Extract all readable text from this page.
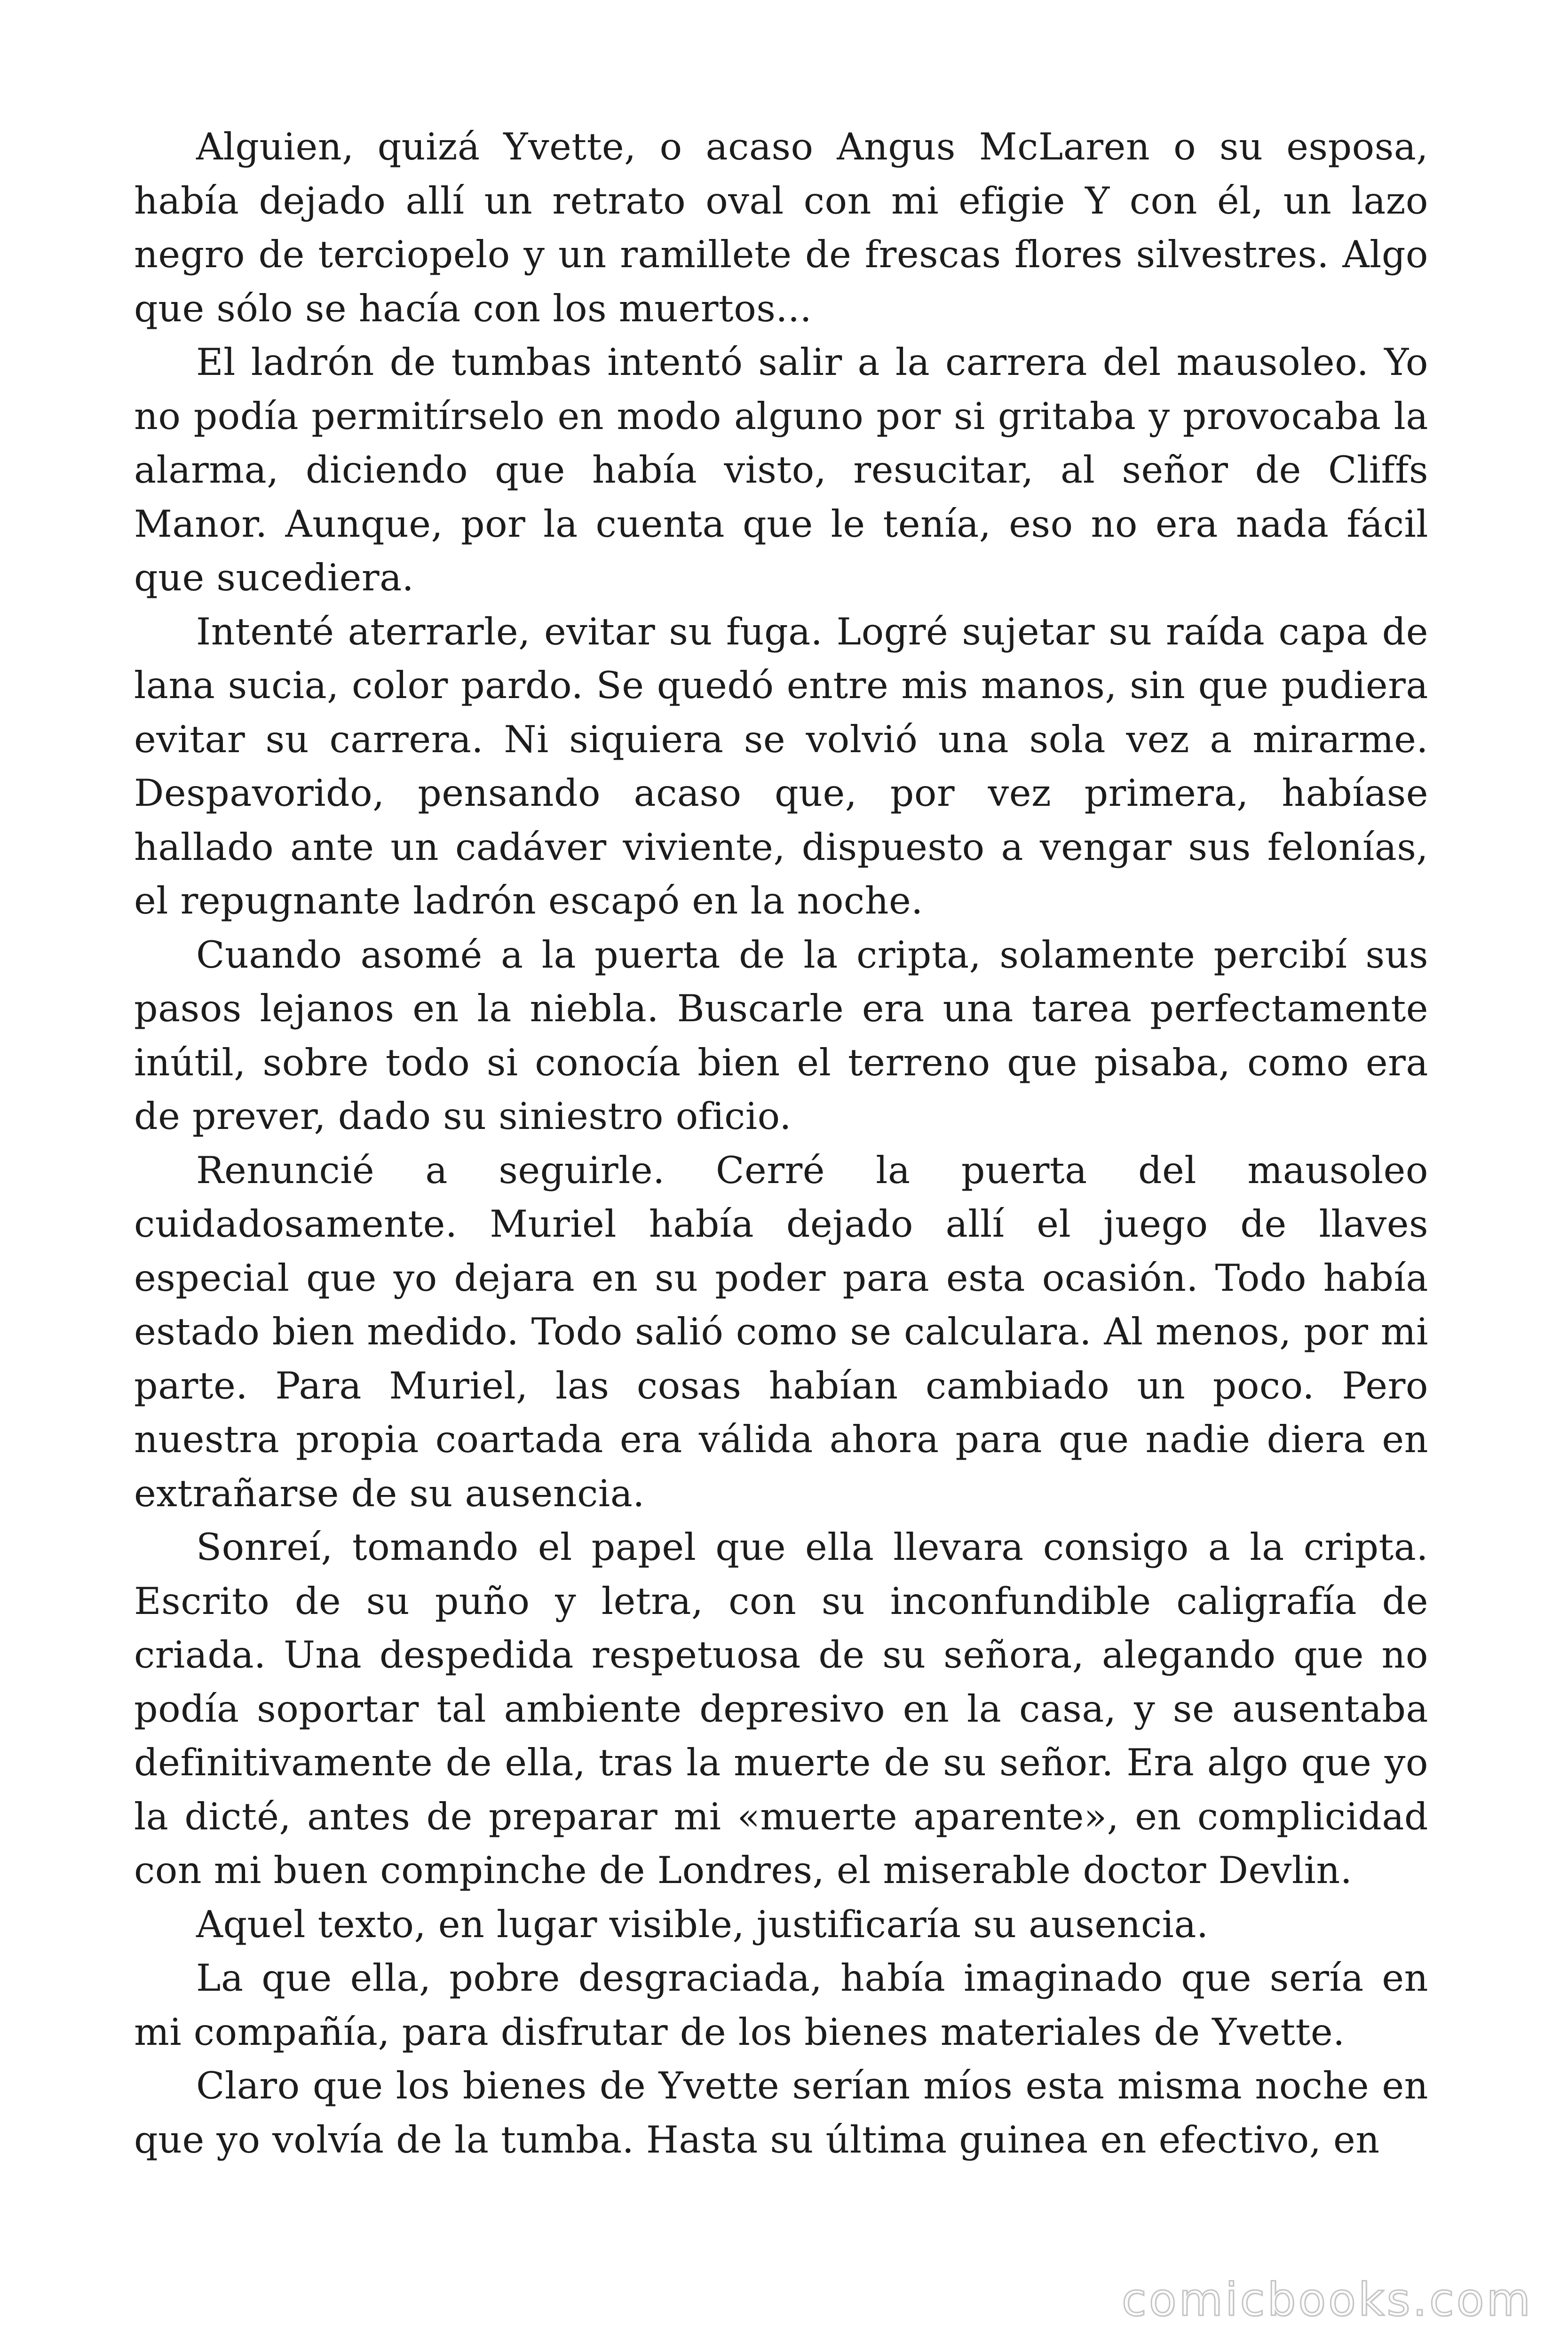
Alguien, quizá Yvette, o acaso Angus McLaren o su esposa, había dejado allí un retrato oval con mi efigie Y con él, un lazo negro de terciopelo y un ramillete de frescas flores silvestres. Algo que sólo se hacía con los muertos...

El ladrón de tumbas intentó salir a la carrera del mausoleo. Yo no podía permitírselo en modo alguno por si gritaba y provocaba la alarma, diciendo que había visto, resucitar, al señor de Cliffs Manor. Aunque, por la cuenta que le tenía, eso no era nada fácil que sucediera.

Intenté aterrarle, evitar su fuga. Logré sujetar su raída capa de lana sucia, color pardo. Se quedó entre mis manos, sin que pudiera evitar su carrera. Ni siquiera se volvió una sola vez a mirarme. Despavorido, pensando acaso que, por vez primera, habíase hallado ante un cadáver viviente, dispuesto a vengar sus felonías, el repugnante ladrón escapó en la noche.

Cuando asomé a la puerta de la cripta, solamente percibí sus pasos lejanos en la niebla. Buscarle era una tarea perfectamente inútil, sobre todo si conocía bien el terreno que pisaba, como era de prever, dado su siniestro oficio.

Renuncié a seguirle. Cerré la puerta del mausoleo cuidadosamente. Muriel había dejado allí el juego de llaves especial que yo dejara en su poder para esta ocasión. Todo había estado bien medido. Todo salió como se calculara. Al menos, por mi parte. Para Muriel, las cosas habían cambiado un poco. Pero nuestra propia coartada era válida ahora para que nadie diera en extrañarse de su ausencia.

Sonreí, tomando el papel que ella llevara consigo a la cripta. Escrito de su puño y letra, con su inconfundible caligrafía de criada. Una despedida respetuosa de su señora, alegando que no podía soportar tal ambiente depresivo en la casa, y se ausentaba definitivamente de ella, tras la muerte de su señor. Era algo que yo la dicté, antes de preparar mi «muerte aparente», en complicidad con mi buen compinche de Londres, el miserable doctor Devlin.

Aquel texto, en lugar visible, justificaría su ausencia.

La que ella, pobre desgraciada, había imaginado que sería en mi compañía, para disfrutar de los bienes materiales de Yvette.

Claro que los bienes de Yvette serían míos esta misma noche en que yo volvía de la tumba. Hasta su última guinea en efectivo, en

comicbooks.com
